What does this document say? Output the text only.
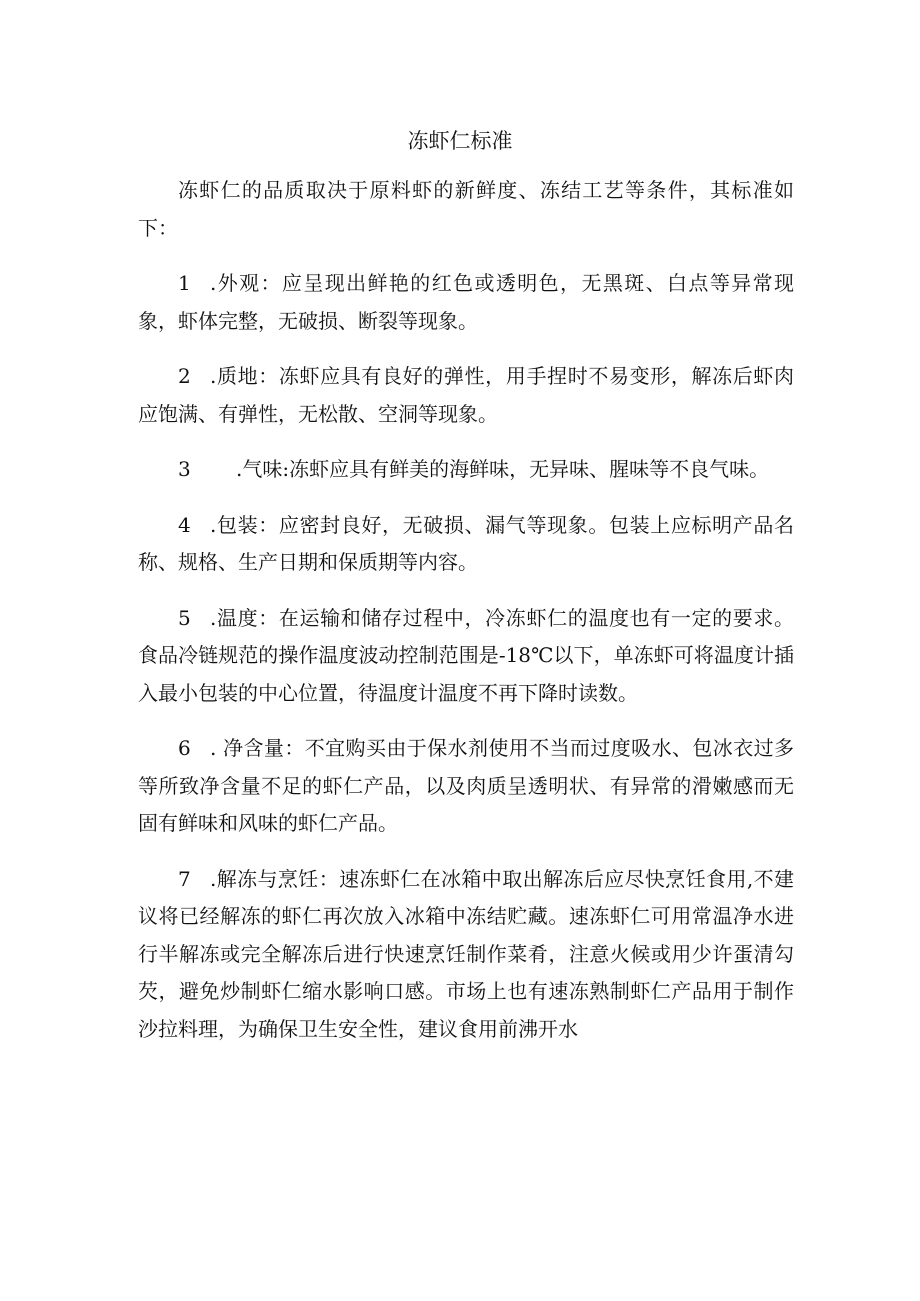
冻虾仁标准

冻虾仁的品质取决于原料虾的新鲜度、冻结工艺等条件，其标准如下：

1 .外观：应呈现出鲜艳的红色或透明色，无黑斑、白点等异常现象，虾体完整，无破损、断裂等现象。

2 .质地：冻虾应具有良好的弹性，用手捏时不易变形，解冻后虾肉应饱满、有弹性，无松散、空洞等现象。

3 .气味:冻虾应具有鲜美的海鲜味，无异味、腥味等不良气味。

4 .包装：应密封良好，无破损、漏气等现象。包装上应标明产品名称、规格、生产日期和保质期等内容。

5 .温度：在运输和储存过程中，冷冻虾仁的温度也有一定的要求。食品冷链规范的操作温度波动控制范围是-18℃以下，单冻虾可将温度计插入最小包装的中心位置，待温度计温度不再下降时读数。

6 . 净含量：不宜购买由于保水剂使用不当而过度吸水、包冰衣过多等所致净含量不足的虾仁产品，以及肉质呈透明状、有异常的滑嫩感而无固有鲜味和风味的虾仁产品。

7 .解冻与烹饪：速冻虾仁在冰箱中取出解冻后应尽快烹饪食用,不建议将已经解冻的虾仁再次放入冰箱中冻结贮藏。速冻虾仁可用常温净水进行半解冻或完全解冻后进行快速烹饪制作菜肴，注意火候或用少许蛋清勾芡，避免炒制虾仁缩水影响口感。市场上也有速冻熟制虾仁产品用于制作沙拉料理，为确保卫生安全性，建议食用前沸开水
